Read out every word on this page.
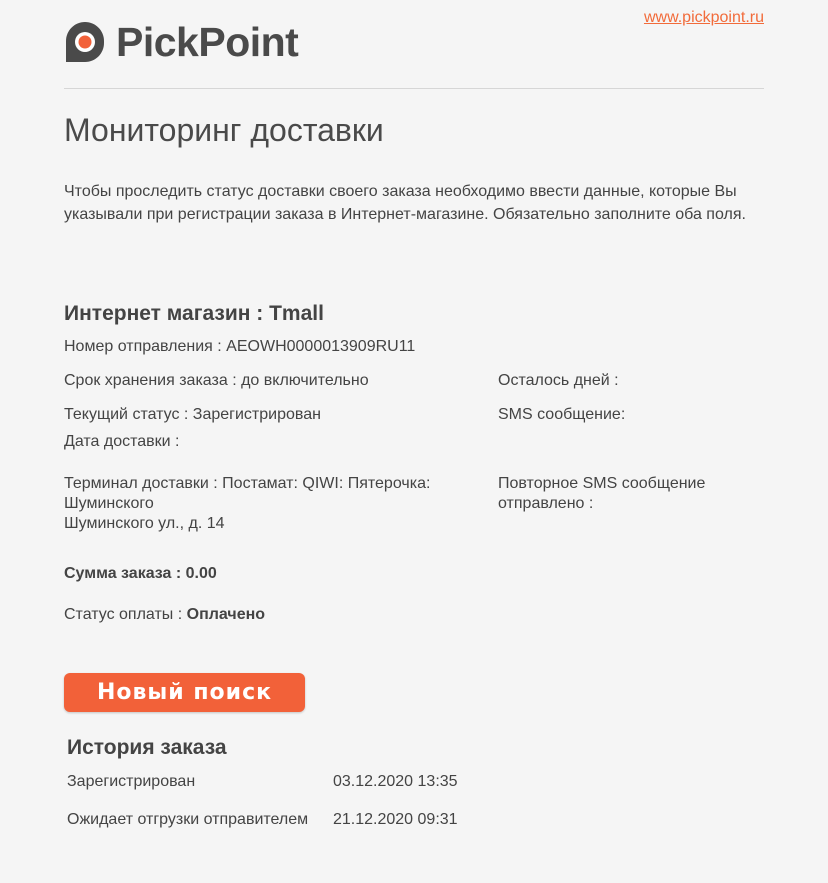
www.pickpoint.ru
PickPoint
Мониторинг доставки

Чтобы проследить статус доставки своего заказа необходимо ввести данные, которые Вы указывали при регистрации заказа в Интернет-магазине. Обязательно заполните оба поля.

Интернет магазин : Tmall
Номер отправления : AEOWH0000013909RU11
Срок хранения заказа : до включительно	Осталось дней :
Текущий статус : Зарегистрирован	SMS сообщение:
Дата доставки :
Терминал доставки : Постамат: QIWI: Пятерочка:
Шуминского
Шуминского ул., д. 14
Повторное SMS сообщение
отправлено :
Сумма заказа : 0.00
Статус оплаты : Оплачено
Новый поиск
История заказа
Зарегистрирован	03.12.2020 13:35
Ожидает отгрузки отправителем	21.12.2020 09:31
